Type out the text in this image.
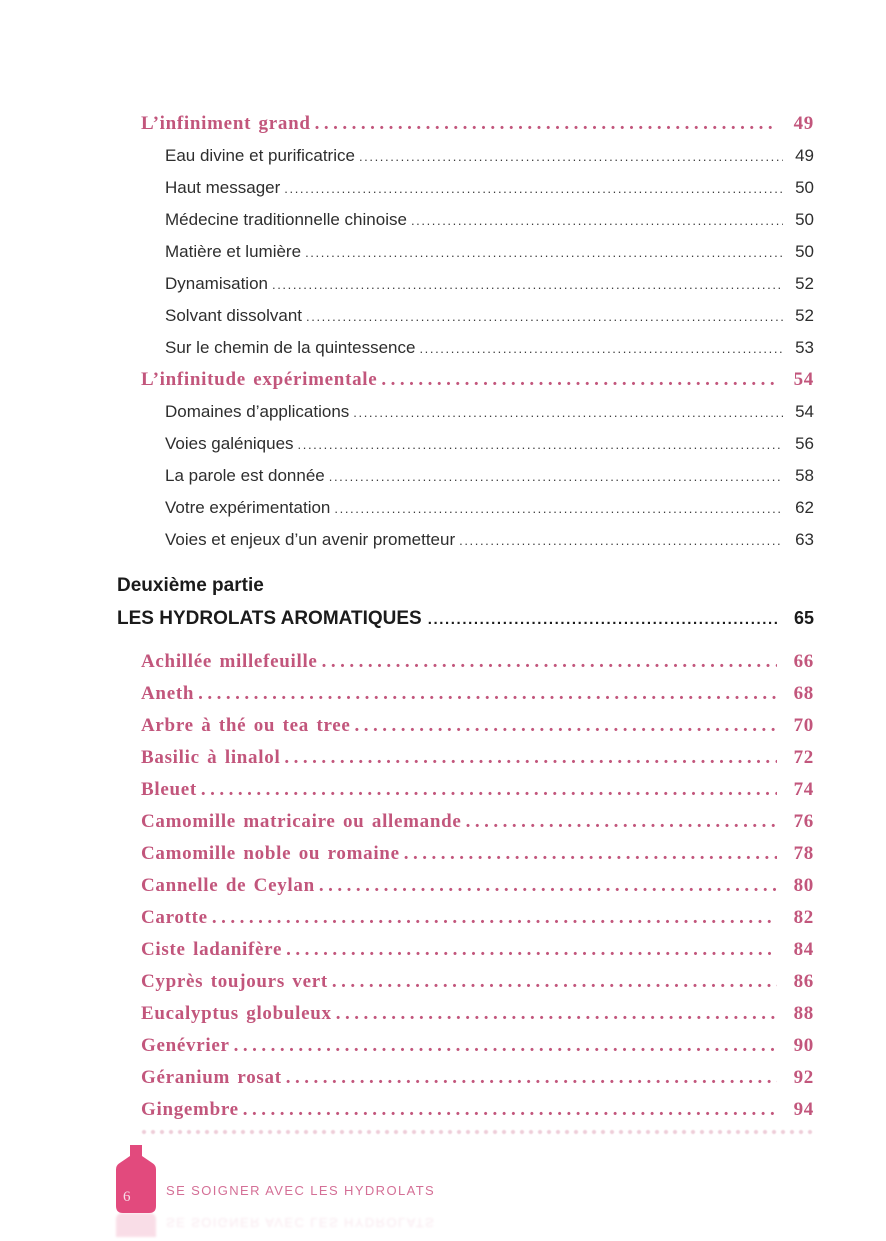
L’infiniment grand .....	49
Eau divine et purificatrice .....	49
Haut messager .....	50
Médecine traditionnelle chinoise .....	50
Matière et lumière .....	50
Dynamisation .....	52
Solvant dissolvant .....	52
Sur le chemin de la quintessence .....	53
L’infinitude expérimentale .....	54
Domaines d’applications .....	54
Voies galéniques .....	56
La parole est donnée .....	58
Votre expérimentation .....	62
Voies et enjeux d’un avenir prometteur .....	63
Deuxième partie
LES HYDROLATS AROMATIQUES .....	65
Achillée millefeuille .....	66
Aneth .....	68
Arbre à thé ou tea tree .....	70
Basilic à linalol .....	72
Bleuet .....	74
Camomille matricaire ou allemande .....	76
Camomille noble ou romaine .....	78
Cannelle de Ceylan .....	80
Carotte .....	82
Ciste ladanifère .....	84
Cyprès toujours vert .....	86
Eucalyptus globuleux .....	88
Genévrier .....	90
Géranium rosat .....	92
Gingembre .....	94
6	SE SOIGNER AVEC LES HYDROLATS
SE SOIGNER AVEC LES HYDROLATS
